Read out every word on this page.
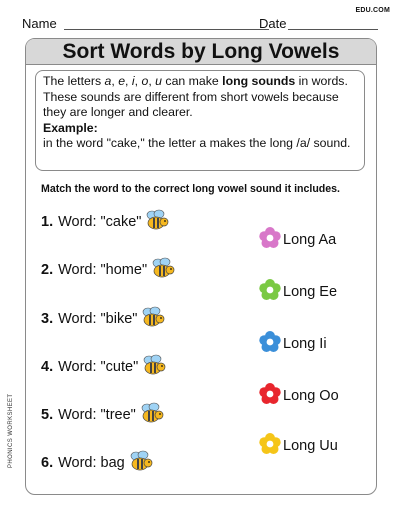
Name	Date
EDU.COM
PHONICS WORKSHEET
Sort Words by Long Vowels
The letters a, e, i, o, u can make long sounds in words. These sounds are different from short vowels because they are longer and clearer.
Example:
in the word "cake," the letter a makes the long /a/ sound.
Match the word to the correct long vowel sound it includes.
1. Word: "cake"
2. Word: "home"
3. Word: "bike"
4. Word: "cute"
5. Word: "tree"
6. Word: bag
Long Aa
Long Ee
Long Ii
Long Oo
Long Uu
